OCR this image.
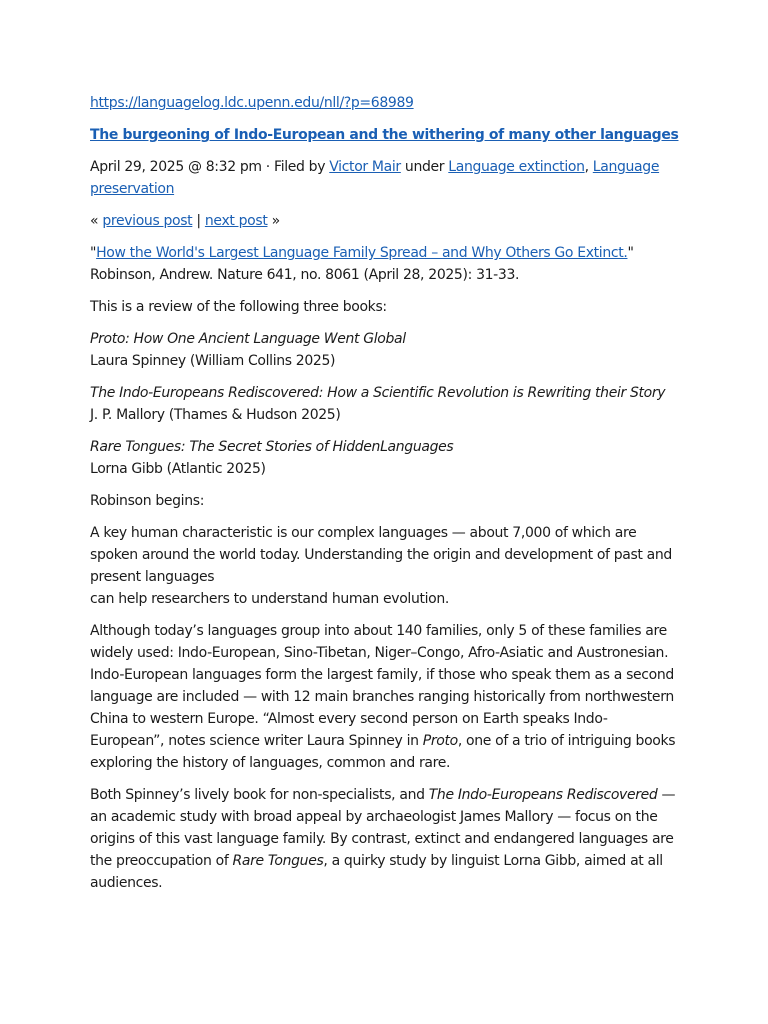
https://languagelog.ldc.upenn.edu/nll/?p=68989

The burgeoning of Indo-European and the withering of many other languages

April 29, 2025 @ 8:32 pm · Filed by Victor Mair under Language extinction, Language preservation

« previous post | next post »

"How the World's Largest Language Family Spread – and Why Others Go Extinct." Robinson, Andrew. Nature 641, no. 8061 (April 28, 2025): 31-33.

This is a review of the following three books:

Proto: How One Ancient Language Went Global
Laura Spinney (William Collins 2025)

The Indo-Europeans Rediscovered: How a Scientific Revolution is Rewriting their Story
J. P. Mallory (Thames & Hudson 2025)

Rare Tongues: The Secret Stories of HiddenLanguages
Lorna Gibb (Atlantic 2025)

Robinson begins:

A key human characteristic is our complex languages — about 7,000 of which are spoken around the world today. Understanding the origin and development of past and present languages
can help researchers to understand human evolution.

Although today’s languages group into about 140 families, only 5 of these families are widely used: Indo-European, Sino-Tibetan, Niger–Congo, Afro-Asiatic and Austronesian. Indo-European languages form the largest family, if those who speak them as a second language are included — with 12 main branches ranging historically from northwestern China to western Europe. “Almost every second person on Earth speaks Indo-European”, notes science writer Laura Spinney in Proto, one of a trio of intriguing books exploring the history of languages, common and rare.

Both Spinney’s lively book for non-specialists, and The Indo-Europeans Rediscovered — an academic study with broad appeal by archaeologist James Mallory — focus on the origins of this vast language family. By contrast, extinct and endangered languages are the preoccupation of Rare Tongues, a quirky study by linguist Lorna Gibb, aimed at all audiences.
